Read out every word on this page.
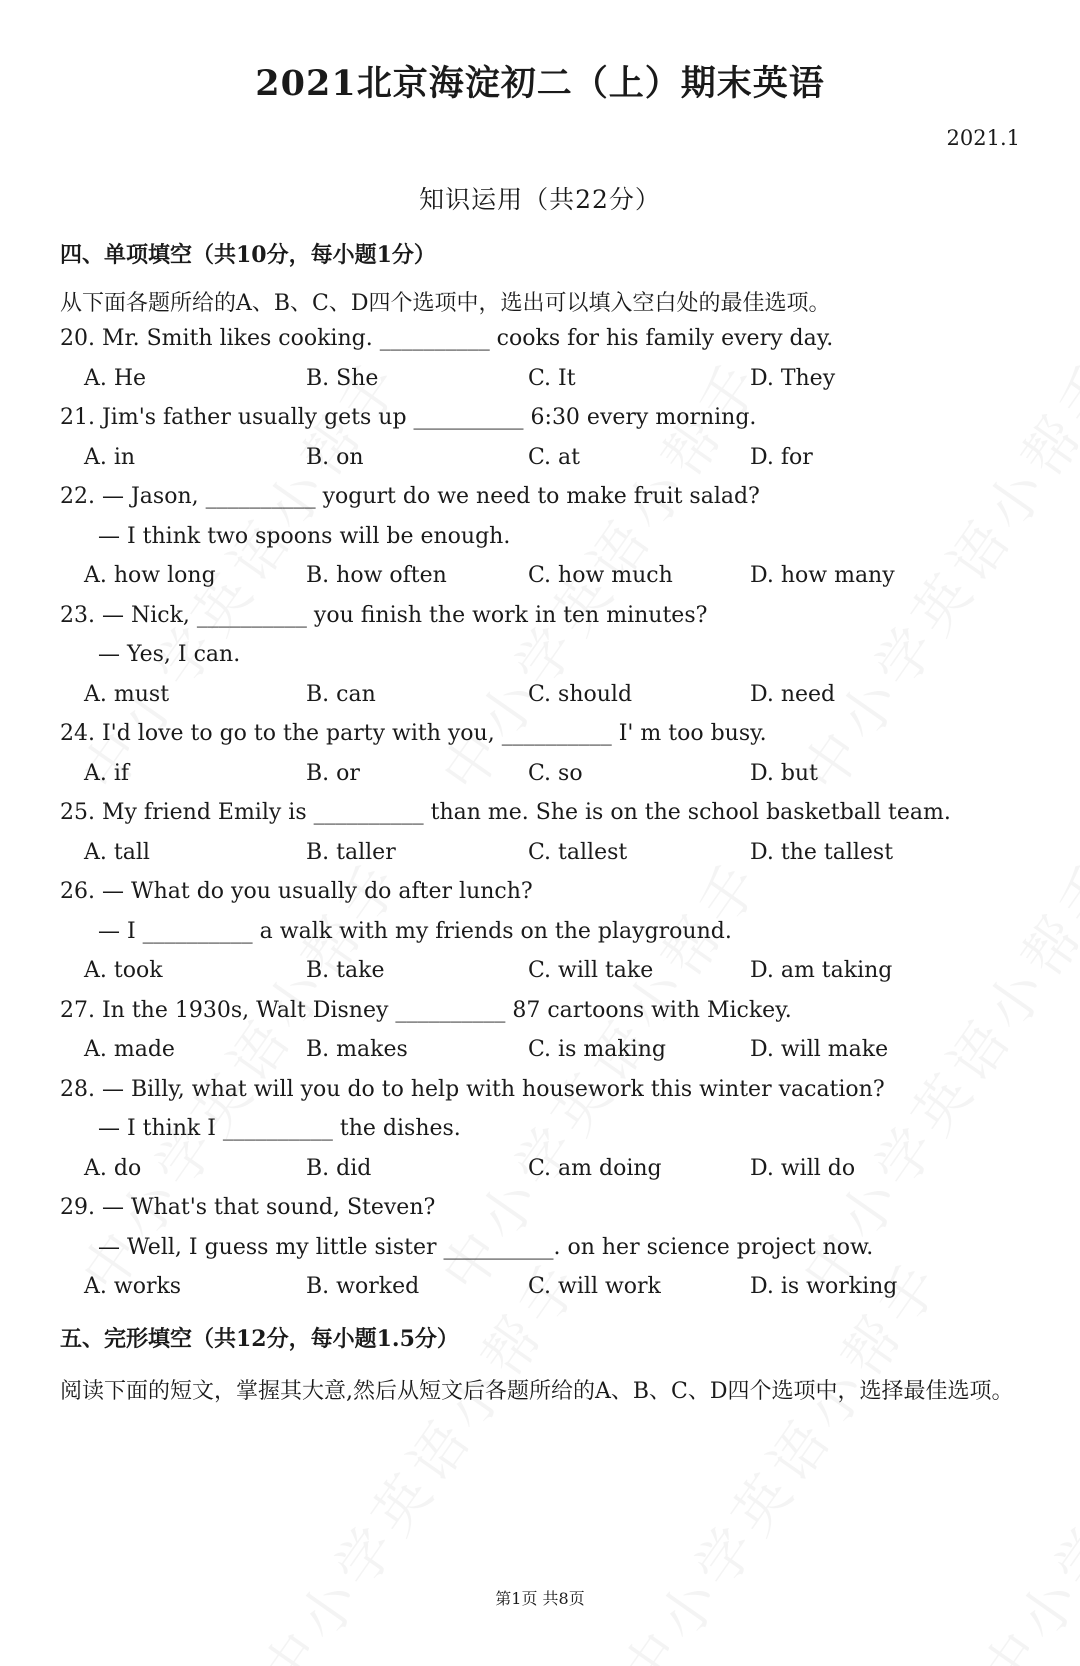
2021北京海淀初二（上）期末英语
2021.1
知识运用（共22分）
四、单项填空（共10分，每小题1分）
从下面各题所给的A、B、C、D四个选项中，选出可以填入空白处的最佳选项。
20. Mr. Smith likes cooking. __________ cooks for his family every day.
A. He	B. She	C. It	D. They
21. Jim's father usually gets up __________ 6:30 every morning.
A. in	B. on	C. at	D. for
22. — Jason, __________ yogurt do we need to make fruit salad?
— I think two spoons will be enough.
A. how long	B. how often	C. how much	D. how many
23. — Nick, __________ you finish the work in ten minutes?
— Yes, I can.
A. must	B. can	C. should	D. need
24. I'd love to go to the party with you, __________ I' m too busy.
A. if	B. or	C. so	D. but
25. My friend Emily is __________ than me. She is on the school basketball team.
A. tall	B. taller	C. tallest	D. the tallest
26. — What do you usually do after lunch?
— I __________ a walk with my friends on the playground.
A. took	B. take	C. will take	D. am taking
27. In the 1930s, Walt Disney __________ 87 cartoons with Mickey.
A. made	B. makes	C. is making	D. will make
28. — Billy, what will you do to help with housework this winter vacation?
— I think I __________ the dishes.
A. do	B. did	C. am doing	D. will do
29. — What's that sound, Steven?
— Well, I guess my little sister __________. on her science project now.
A. works	B. worked	C. will work	D. is working
五、完形填空（共12分，每小题1.5分）
阅读下面的短文，掌握其大意,然后从短文后各题所给的A、B、C、D四个选项中，选择最佳选项。
第1页 共8页
